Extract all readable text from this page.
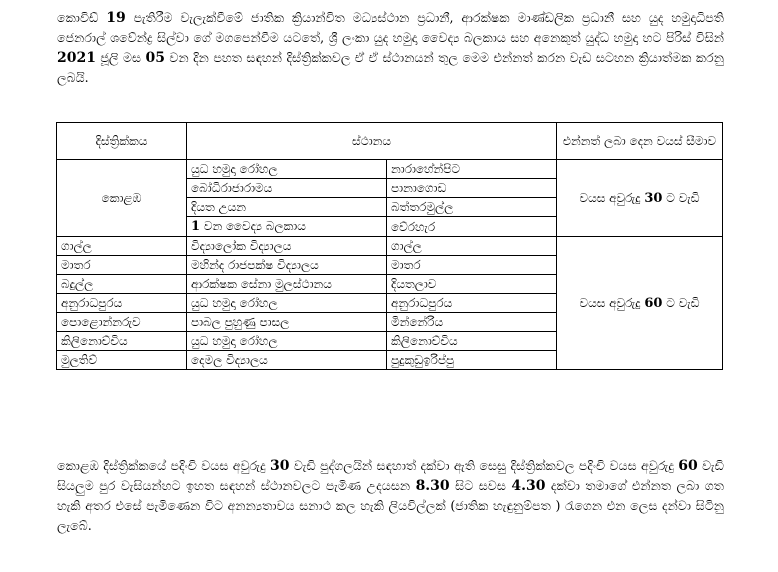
කොවිඩ් 19 පැතිරීම වැලැක්වීමේ ජාතික ක්‍රියාන්විත මධ්‍යස්ථාන ප්‍රධානී, ආරක්ෂක මාණ්ඩලික ප්‍රධානී සහ යුද හමුදාධිපති ජෙනරාල් ශවේන්ද්‍ර සිල්වා ගේ මගපෙන්වීම යටතේ, ශ්‍රී ලංකා යුද හමුදා වෛද්‍ය බලකාය සහ අනෙකුත් යුද්ධ හමුදා හට පිරිස් විසින් 2021 ජූලි මස 05 වන දින පහත සඳහන් දිස්ත්‍රික්කවල ඒ ඒ ස්ථානයන් තුල මෙම එන්නත් කරන වැඩ සටහන ක්‍රියාත්මක කරනු ලබයි.

දිස්ත්‍රික්කය	ස්ථානය		එන්නත් ලබා දෙන වයස් සීමාව
කොළඹ	යුධ හමුදා රෝහල	නාරාහේන්පිට	වයස අවුරුදු 30 ට වැඩි
	බෝධිරාජාරාමය	පානාගොඩ	
	දියත උයන	බත්තරමුල්ල	
	1 වන වෛද්‍ය බලකාය	වේරහැර	
ගාල්ල	විද්‍යාලෝක විද්‍යාලය	ගාල්ල	වයස අවුරුදු 60 ට වැඩි
මාතර	මහින්ද රාජපක්ෂ විද්‍යාලය	මාතර	
බදුල්ල	ආරක්ෂක සේනා මුලස්ථානය	දියතලාව	
අනුරාධපුරය	යුධ හමුදා රෝහල	අනුරාධපුරය	
පොළොන්නරුව	පාබල පුහුණු පාසල	මින්නේරිය	
කිලිනොච්චිය	යුධ හමුදා රෝහල	කිලිනොච්චිය	
මුලතිව්	දෙමල විද්‍යාලය	පුදුකුඩුඉරිප්පු	

කොළඹ දිස්ත්‍රික්කයේ පදිංචි වයස අවුරුදු 30 වැඩි පුද්ගලයින් සඳහාත් දක්වා ඇති සෙසු දිස්ත්‍රික්කවල පදිංචි වයස අවුරුදු 60 වැඩි සියලුම පුර වැසියන්හට ඉහත සඳහන් ස්ථානවලට පැමිණ උදයසන 8.30 සිට සවස 4.30 දක්වා තමාගේ එන්නත ලබා ගත හැකි අතර එසේ පැමිණෙන විට අනන්‍යතාවය සනාථ කල හැකි ලියවිල්ලක් (ජාතික හැඳුනුම්පත ) රැගෙන එන ලෙස දන්වා සිටිනු ලැබේ.
